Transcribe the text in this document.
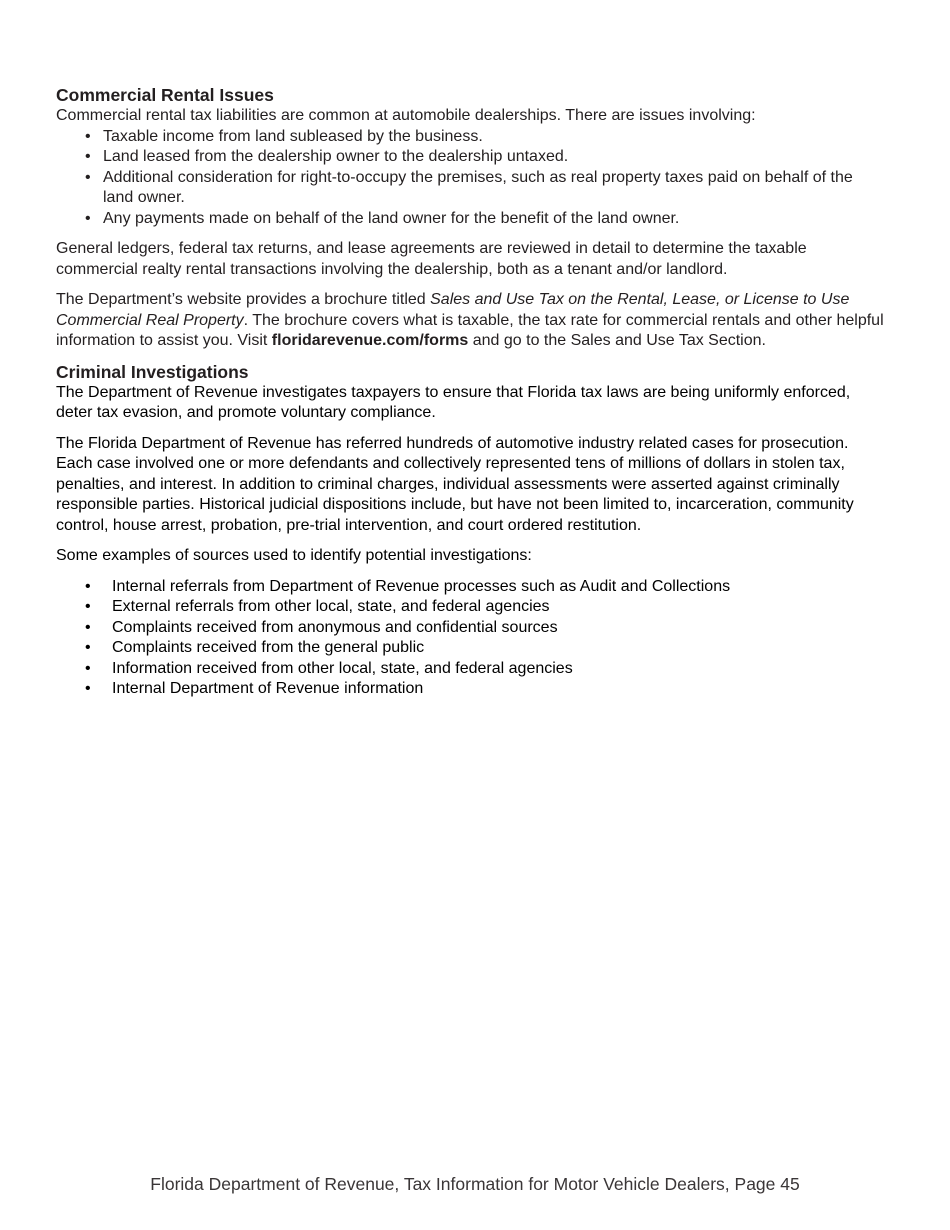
Commercial Rental Issues

Commercial rental tax liabilities are common at automobile dealerships. There are issues involving:

• Taxable income from land subleased by the business.
• Land leased from the dealership owner to the dealership untaxed.
• Additional consideration for right-to-occupy the premises, such as real property taxes paid on behalf of the land owner.
• Any payments made on behalf of the land owner for the benefit of the land owner.

General ledgers, federal tax returns, and lease agreements are reviewed in detail to determine the taxable commercial realty rental transactions involving the dealership, both as a tenant and/or landlord.

The Department’s website provides a brochure titled Sales and Use Tax on the Rental, Lease, or License to Use Commercial Real Property. The brochure covers what is taxable, the tax rate for commercial rentals and other helpful information to assist you. Visit floridarevenue.com/forms and go to the Sales and Use Tax Section.

Criminal Investigations

The Department of Revenue investigates taxpayers to ensure that Florida tax laws are being uniformly enforced, deter tax evasion, and promote voluntary compliance.

The Florida Department of Revenue has referred hundreds of automotive industry related cases for prosecution. Each case involved one or more defendants and collectively represented tens of millions of dollars in stolen tax, penalties, and interest. In addition to criminal charges, individual assessments were asserted against criminally responsible parties. Historical judicial dispositions include, but have not been limited to, incarceration, community control, house arrest, probation, pre-trial intervention, and court ordered restitution.

Some examples of sources used to identify potential investigations:

• Internal referrals from Department of Revenue processes such as Audit and Collections
• External referrals from other local, state, and federal agencies
• Complaints received from anonymous and confidential sources
• Complaints received from the general public
• Information received from other local, state, and federal agencies
• Internal Department of Revenue information
Florida Department of Revenue, Tax Information for Motor Vehicle Dealers, Page 45
